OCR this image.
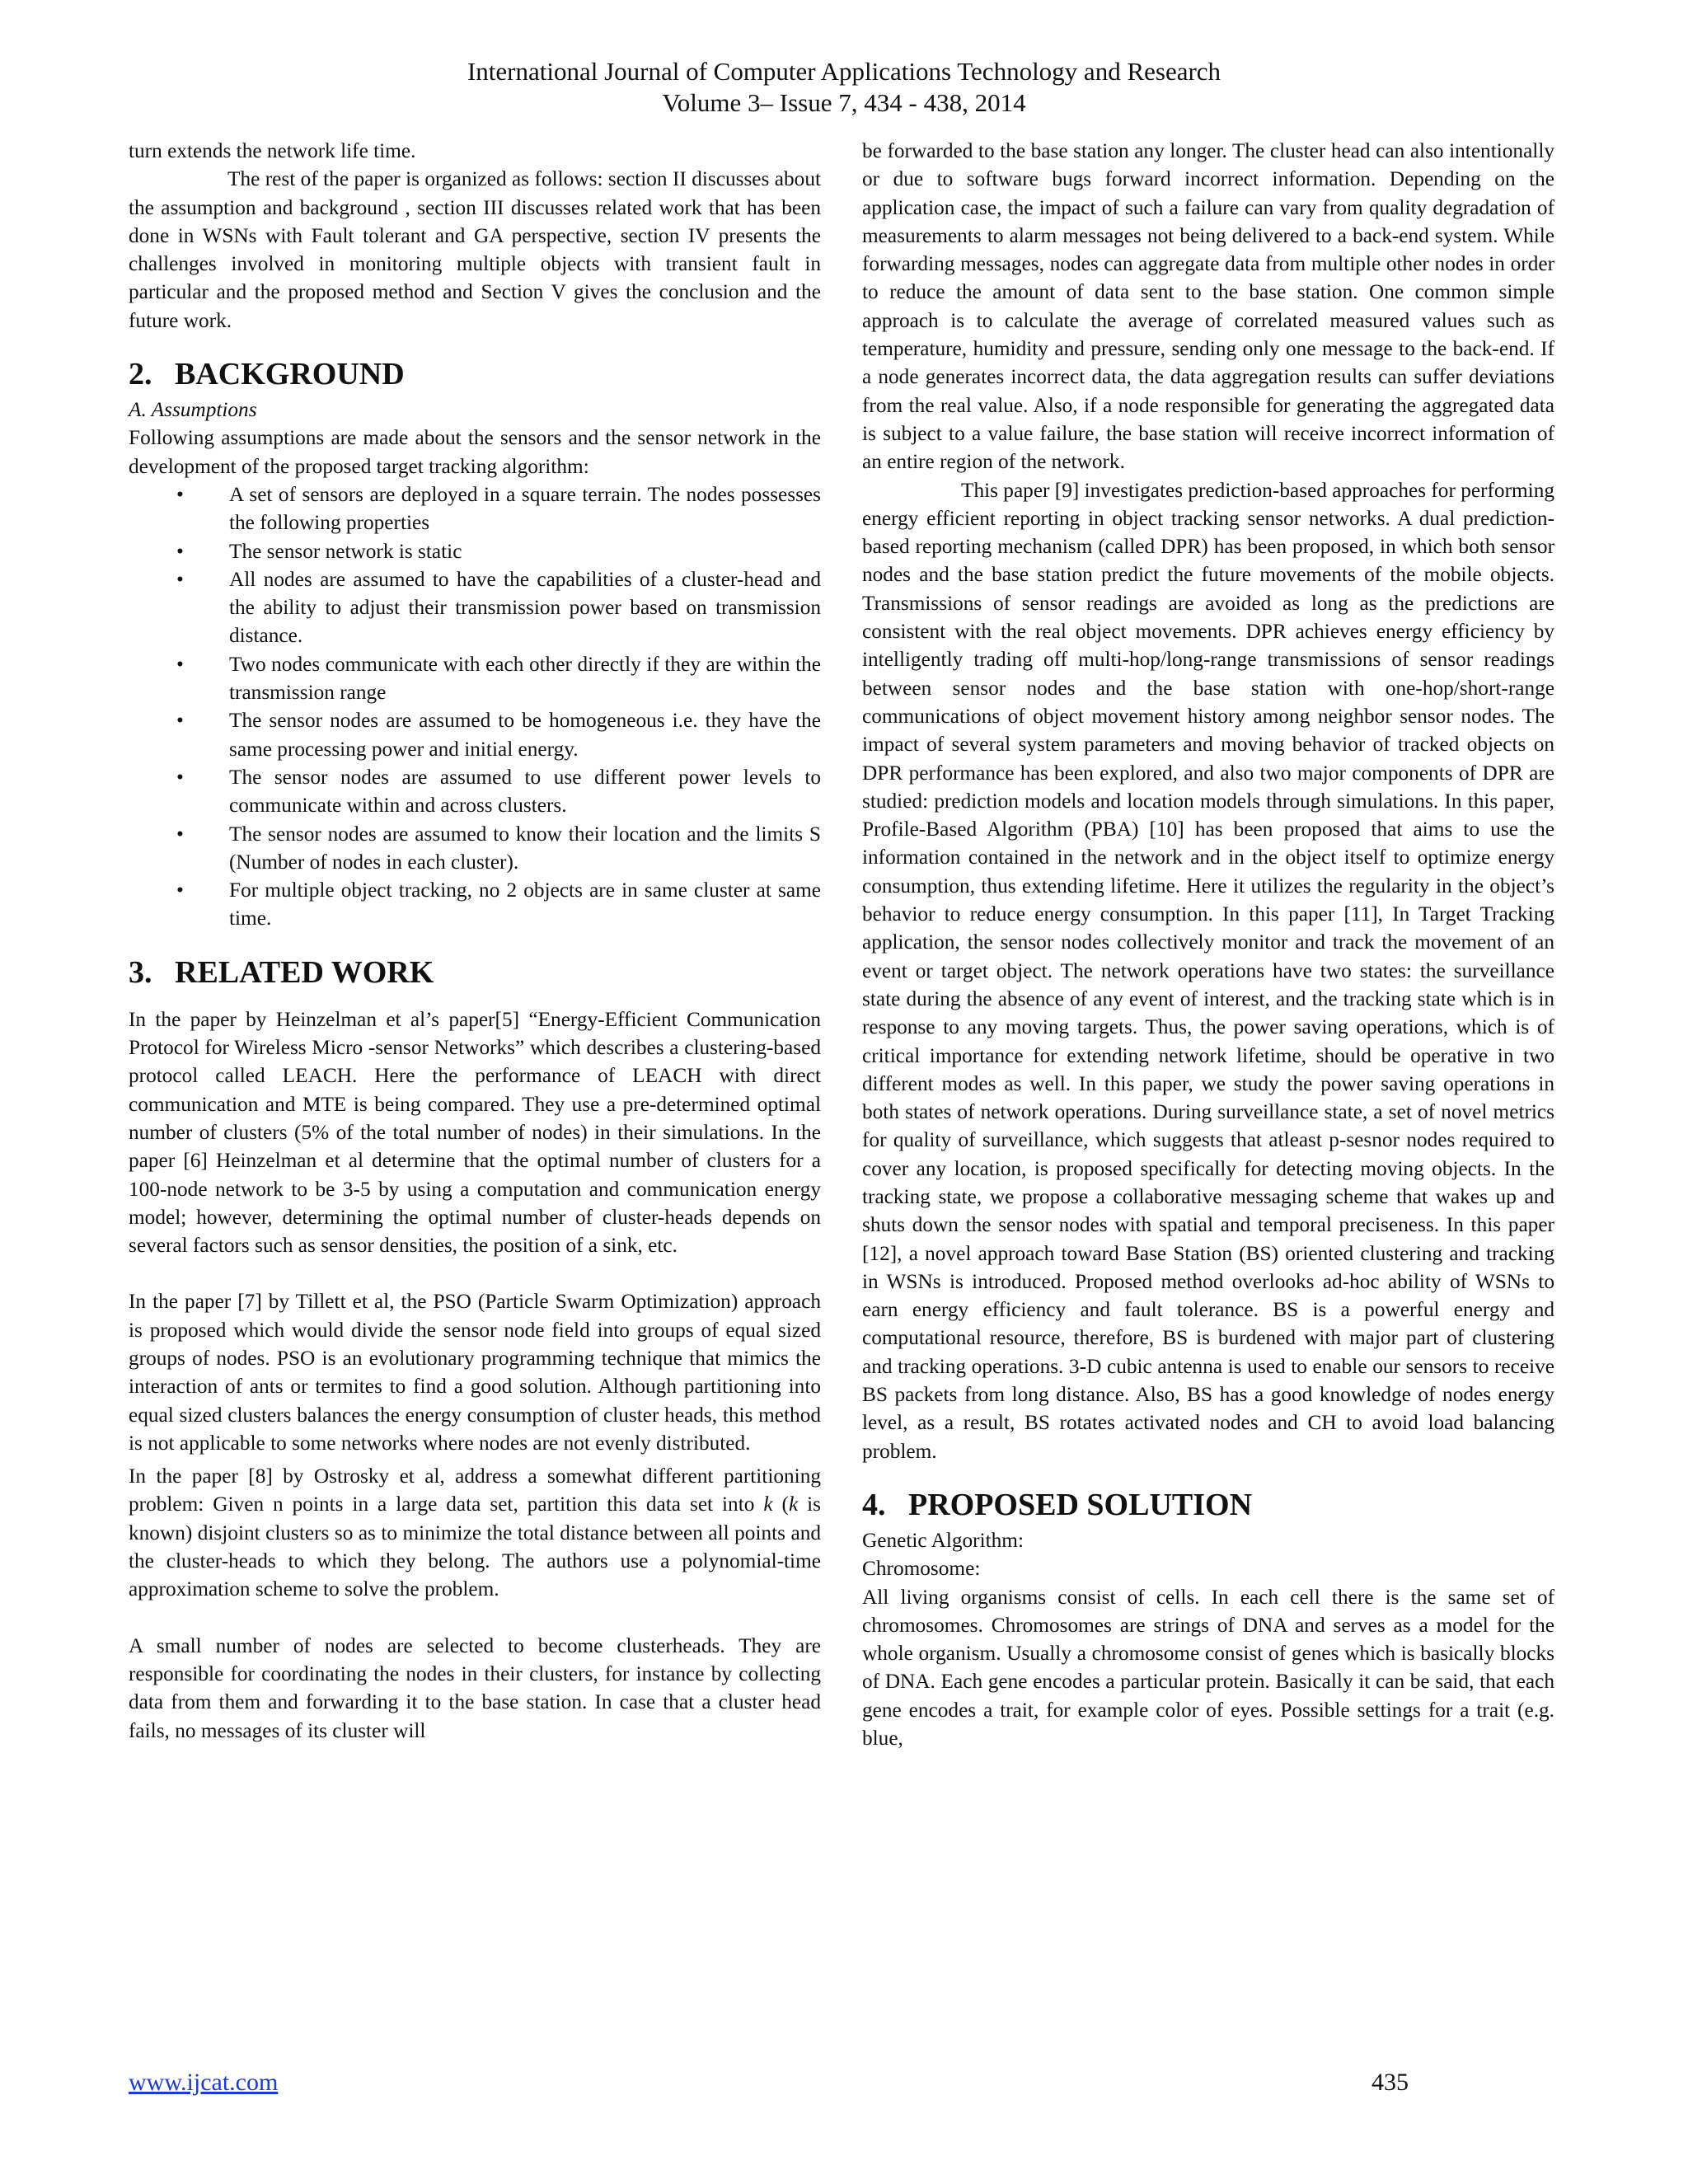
International Journal of Computer Applications Technology and Research
Volume 3– Issue 7, 434 - 438, 2014

turn extends the network life time.

The rest of the paper is organized as follows: section II discusses about the assumption and background , section III discusses related work that has been done in WSNs with Fault tolerant and GA perspective, section IV presents the challenges involved in monitoring multiple objects with transient fault in particular and the proposed method and Section V gives the conclusion and the future work.

2. BACKGROUND

A. Assumptions

Following assumptions are made about the sensors and the sensor network in the development of the proposed target tracking algorithm:

• A set of sensors are deployed in a square terrain. The nodes possesses the following properties
• The sensor network is static
• All nodes are assumed to have the capabilities of a cluster-head and the ability to adjust their transmission power based on transmission distance.
• Two nodes communicate with each other directly if they are within the transmission range
• The sensor nodes are assumed to be homogeneous i.e. they have the same processing power and initial energy.
• The sensor nodes are assumed to use different power levels to communicate within and across clusters.
• The sensor nodes are assumed to know their location and the limits S (Number of nodes in each cluster).
• For multiple object tracking, no 2 objects are in same cluster at same time.
3. RELATED WORK

In the paper by Heinzelman et al’s paper[5] “Energy-Efficient Communication Protocol for Wireless Micro -sensor Networks” which describes a clustering-based protocol called LEACH. Here the performance of LEACH with direct communication and MTE is being compared. They use a pre-determined optimal number of clusters (5% of the total number of nodes) in their simulations. In the paper [6] Heinzelman et al determine that the optimal number of clusters for a 100-node network to be 3-5 by using a computation and communication energy model; however, determining the optimal number of cluster-heads depends on several factors such as sensor densities, the position of a sink, etc.

In the paper [7] by Tillett et al, the PSO (Particle Swarm Optimization) approach is proposed which would divide the sensor node field into groups of equal sized groups of nodes. PSO is an evolutionary programming technique that mimics the interaction of ants or termites to find a good solution. Although partitioning into equal sized clusters balances the energy consumption of cluster heads, this method is not applicable to some networks where nodes are not evenly distributed.

In the paper [8] by Ostrosky et al, address a somewhat different partitioning problem: Given n points in a large data set, partition this data set into k (k is known) disjoint clusters so as to minimize the total distance between all points and the cluster-heads to which they belong. The authors use a polynomial-time approximation scheme to solve the problem.

A small number of nodes are selected to become clusterheads. They are responsible for coordinating the nodes in their clusters, for instance by collecting data from them and forwarding it to the base station. In case that a cluster head fails, no messages of its cluster will

be forwarded to the base station any longer. The cluster head can also intentionally or due to software bugs forward incorrect information. Depending on the application case, the impact of such a failure can vary from quality degradation of measurements to alarm messages not being delivered to a back-end system. While forwarding messages, nodes can aggregate data from multiple other nodes in order to reduce the amount of data sent to the base station. One common simple approach is to calculate the average of correlated measured values such as temperature, humidity and pressure, sending only one message to the back-end. If a node generates incorrect data, the data aggregation results can suffer deviations from the real value. Also, if a node responsible for generating the aggregated data is subject to a value failure, the base station will receive incorrect information of an entire region of the network.

This paper [9] investigates prediction-based approaches for performing energy efficient reporting in object tracking sensor networks. A dual prediction-based reporting mechanism (called DPR) has been proposed, in which both sensor nodes and the base station predict the future movements of the mobile objects. Transmissions of sensor readings are avoided as long as the predictions are consistent with the real object movements. DPR achieves energy efficiency by intelligently trading off multi-hop/long-range transmissions of sensor readings between sensor nodes and the base station with one-hop/short-range communications of object movement history among neighbor sensor nodes. The impact of several system parameters and moving behavior of tracked objects on DPR performance has been explored, and also two major components of DPR are studied: prediction models and location models through simulations. In this paper, Profile-Based Algorithm (PBA) [10] has been proposed that aims to use the information contained in the network and in the object itself to optimize energy consumption, thus extending lifetime. Here it utilizes the regularity in the object’s behavior to reduce energy consumption. In this paper [11], In Target Tracking application, the sensor nodes collectively monitor and track the movement of an event or target object. The network operations have two states: the surveillance state during the absence of any event of interest, and the tracking state which is in response to any moving targets. Thus, the power saving operations, which is of critical importance for extending network lifetime, should be operative in two different modes as well. In this paper, we study the power saving operations in both states of network operations. During surveillance state, a set of novel metrics for quality of surveillance, which suggests that atleast p-sesnor nodes required to cover any location, is proposed specifically for detecting moving objects. In the tracking state, we propose a collaborative messaging scheme that wakes up and shuts down the sensor nodes with spatial and temporal preciseness. In this paper [12], a novel approach toward Base Station (BS) oriented clustering and tracking in WSNs is introduced. Proposed method overlooks ad-hoc ability of WSNs to earn energy efficiency and fault tolerance. BS is a powerful energy and computational resource, therefore, BS is burdened with major part of clustering and tracking operations. 3-D cubic antenna is used to enable our sensors to receive BS packets from long distance. Also, BS has a good knowledge of nodes energy level, as a result, BS rotates activated nodes and CH to avoid load balancing problem.

4. PROPOSED SOLUTION

Genetic Algorithm:

Chromosome:

All living organisms consist of cells. In each cell there is the same set of chromosomes. Chromosomes are strings of DNA and serves as a model for the whole organism. Usually a chromosome consist of genes which is basically blocks of DNA. Each gene encodes a particular protein. Basically it can be said, that each gene encodes a trait, for example color of eyes. Possible settings for a trait (e.g. blue,

www.ijcat.com	435
